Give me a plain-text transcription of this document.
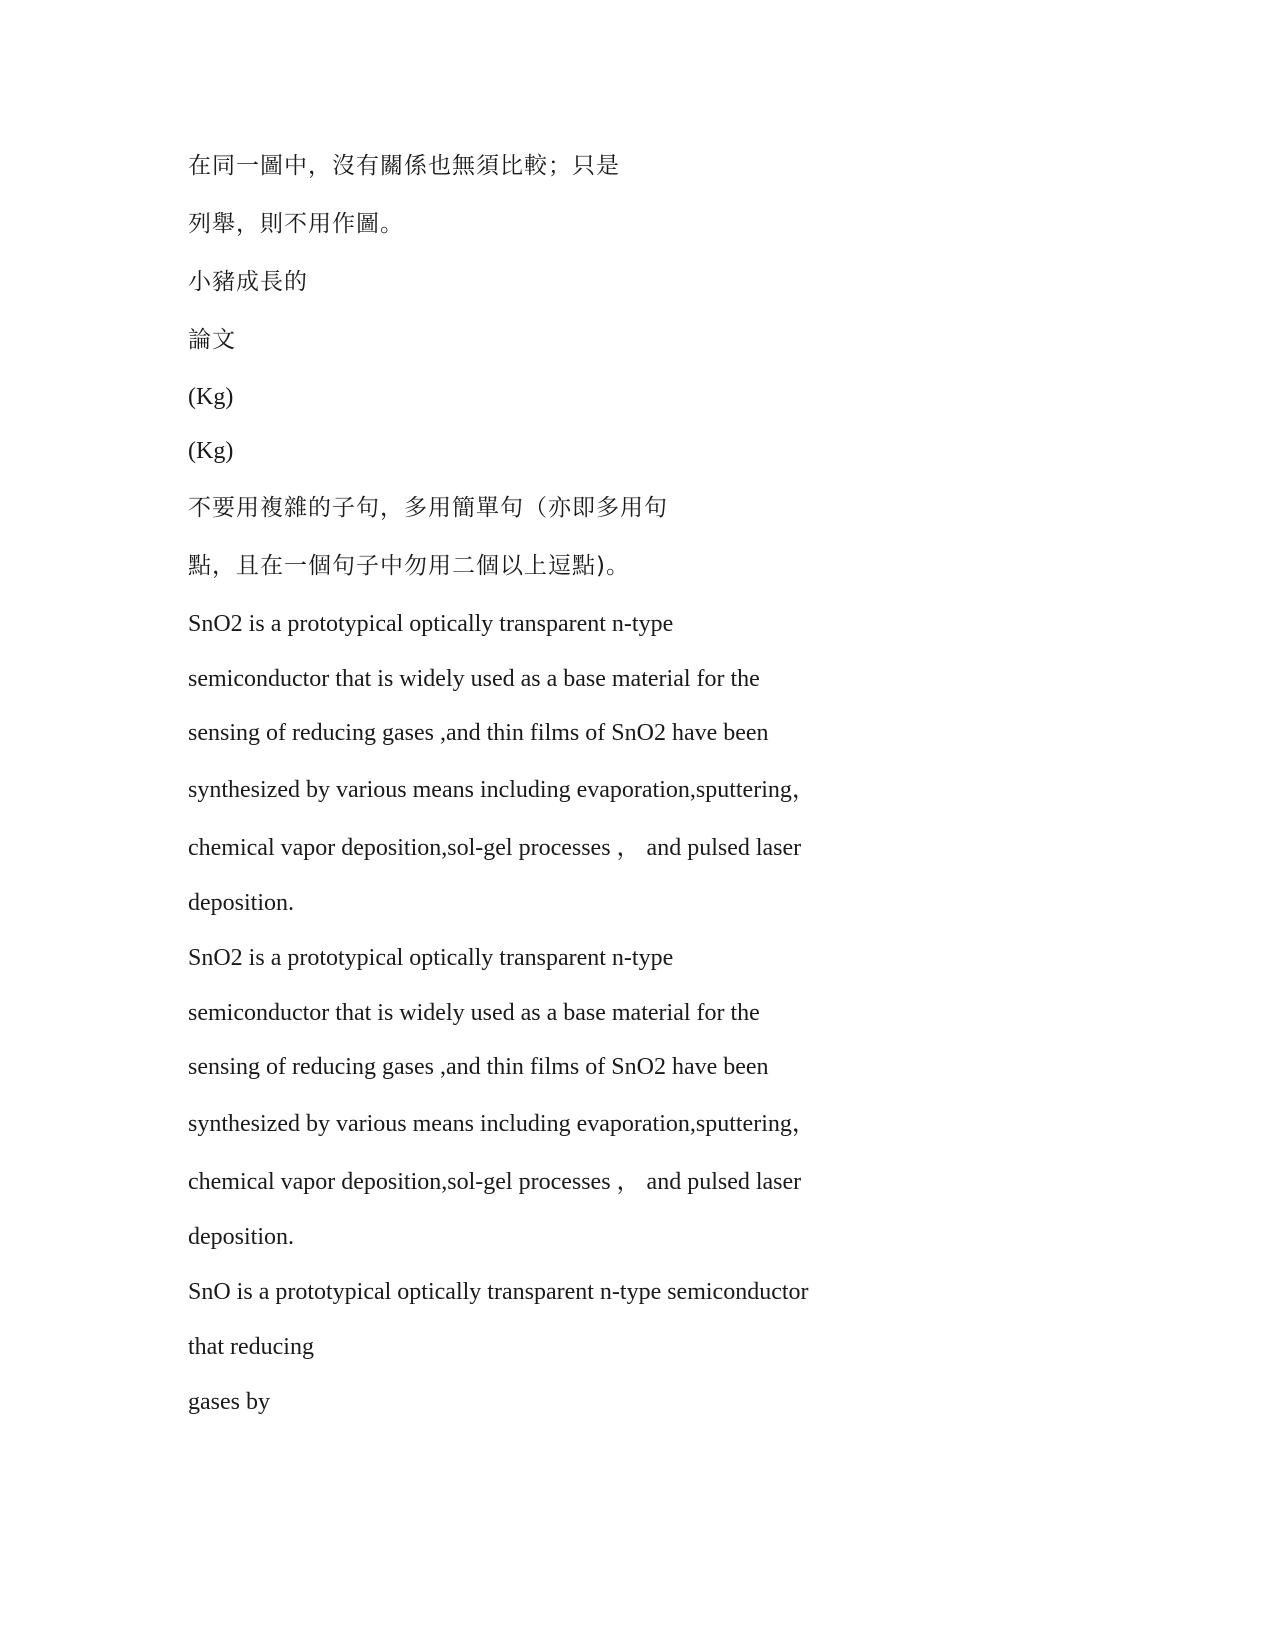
在同一圖中，沒有關係也無須比較；只是

列舉，則不用作圖。

小豬成長的

論文

(Kg)

(Kg)

不要用複雜的子句，多用簡單句（亦即多用句

點，且在一個句子中勿用二個以上逗點)。

SnO2 is a prototypical optically transparent n-type

semiconductor that is widely used as a base material for the

sensing of reducing gases ,and thin films of SnO2 have been

synthesized by various means including evaporation,sputtering，

chemical vapor deposition,sol-gel processes ， and pulsed laser

deposition.

SnO2 is a prototypical optically transparent n-type

semiconductor that is widely used as a base material for the

sensing of reducing gases ,and thin films of SnO2 have been

synthesized by various means including evaporation,sputtering，

chemical vapor deposition,sol-gel processes ， and pulsed laser

deposition.

SnO is a prototypical optically transparent n-type semiconductor

that reducing

gases by
